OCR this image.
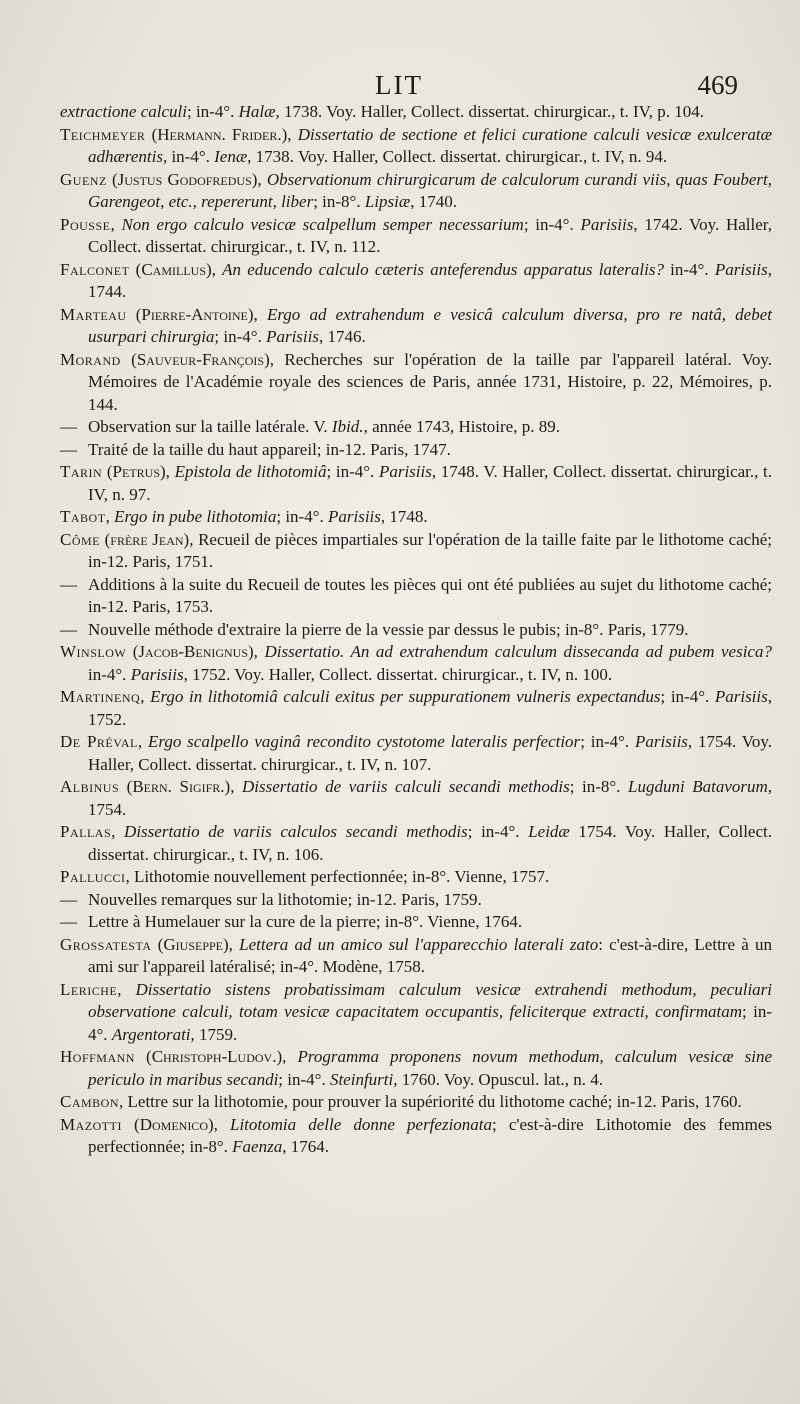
LIT	469

extractione calculi; in-4°. Halæ, 1738. Voy. Haller, Collect. dissertat. chirurgicar., t. IV, p. 104.

Teichmeyer (Hermann. Frider.), Dissertatio de sectione et felici curatione calculi vesicæ exulceratæ adhærentis, in-4°. Ienæ, 1738. Voy. Haller, Collect. dissertat. chirurgicar., t. IV, n. 94.

Guenz (Justus Godofredus), Observationum chirurgicarum de calculorum curandi viis, quas Foubert, Garengeot, etc., repererunt, liber; in-8°. Lipsiæ, 1740.

Pousse, Non ergo calculo vesicæ scalpellum semper necessarium; in-4°. Parisiis, 1742. Voy. Haller, Collect. dissertat. chirurgicar., t. IV, n. 112.

Falconet (Camillus), An educendo calculo cæteris anteferendus apparatus lateralis? in-4°. Parisiis, 1744.

Marteau (Pierre-Antoine), Ergo ad extrahendum e vesicâ calculum diversa, pro re natâ, debet usurpari chirurgia; in-4°. Parisiis, 1746.

Morand (Sauveur-François), Recherches sur l'opération de la taille par l'appareil latéral. Voy. Mémoires de l'Académie royale des sciences de Paris, année 1731, Histoire, p. 22, Mémoires, p. 144.

— Observation sur la taille latérale. V. Ibid., année 1743, Histoire, p. 89.

— Traité de la taille du haut appareil; in-12. Paris, 1747.

Tarin (Petrus), Epistola de lithotomiâ; in-4°. Parisiis, 1748. V. Haller, Collect. dissertat. chirurgicar., t. IV, n. 97.

Tabot, Ergo in pube lithotomia; in-4°. Parisiis, 1748.

Côme (frère Jean), Recueil de pièces impartiales sur l'opération de la taille faite par le lithotome caché; in-12. Paris, 1751.

— Additions à la suite du Recueil de toutes les pièces qui ont été publiées au sujet du lithotome caché; in-12. Paris, 1753.

— Nouvelle méthode d'extraire la pierre de la vessie par dessus le pubis; in-8°. Paris, 1779.

Winslow (Jacob-Benignus), Dissertatio. An ad extrahendum calculum dissecanda ad pubem vesica? in-4°. Parisiis, 1752. Voy. Haller, Collect. dissertat. chirurgicar., t. IV, n. 100.

Martinenq, Ergo in lithotomiâ calculi exitus per suppurationem vulneris expectandus; in-4°. Parisiis, 1752.

De Préval, Ergo scalpello vaginâ recondito cystotome lateralis perfectior; in-4°. Parisiis, 1754. Voy. Haller, Collect. dissertat. chirurgicar., t. IV, n. 107.

Albinus (Bern. Sigifr.), Dissertatio de variis calculi secandi methodis; in-8°. Lugduni Batavorum, 1754.

Pallas, Dissertatio de variis calculos secandi methodis; in-4°. Leidæ 1754. Voy. Haller, Collect. dissertat. chirurgicar., t. IV, n. 106.

Pallucci, Lithotomie nouvellement perfectionnée; in-8°. Vienne, 1757.

— Nouvelles remarques sur la lithotomie; in-12. Paris, 1759.

— Lettre à Humelauer sur la cure de la pierre; in-8°. Vienne, 1764.

Grossatesta (Giuseppe), Lettera ad un amico sul l'apparecchio laterali zato: c'est-à-dire, Lettre à un ami sur l'appareil latéralisé; in-4°. Modène, 1758.

Leriche, Dissertatio sistens probatissimam calculum vesicæ extrahendi methodum, peculiari observatione calculi, totam vesicæ capacitatem occupantis, feliciterque extracti, confirmatam; in-4°. Argentorati, 1759.

Hoffmann (Christoph-Ludov.), Programma proponens novum methodum, calculum vesicæ sine periculo in maribus secandi; in-4°. Steinfurti, 1760. Voy. Opuscul. lat., n. 4.

Cambon, Lettre sur la lithotomie, pour prouver la supériorité du lithotome caché; in-12. Paris, 1760.

Mazotti (Domenico), Litotomia delle donne perfezionata; c'est-à-dire Lithotomie des femmes perfectionnée; in-8°. Faenza, 1764.
